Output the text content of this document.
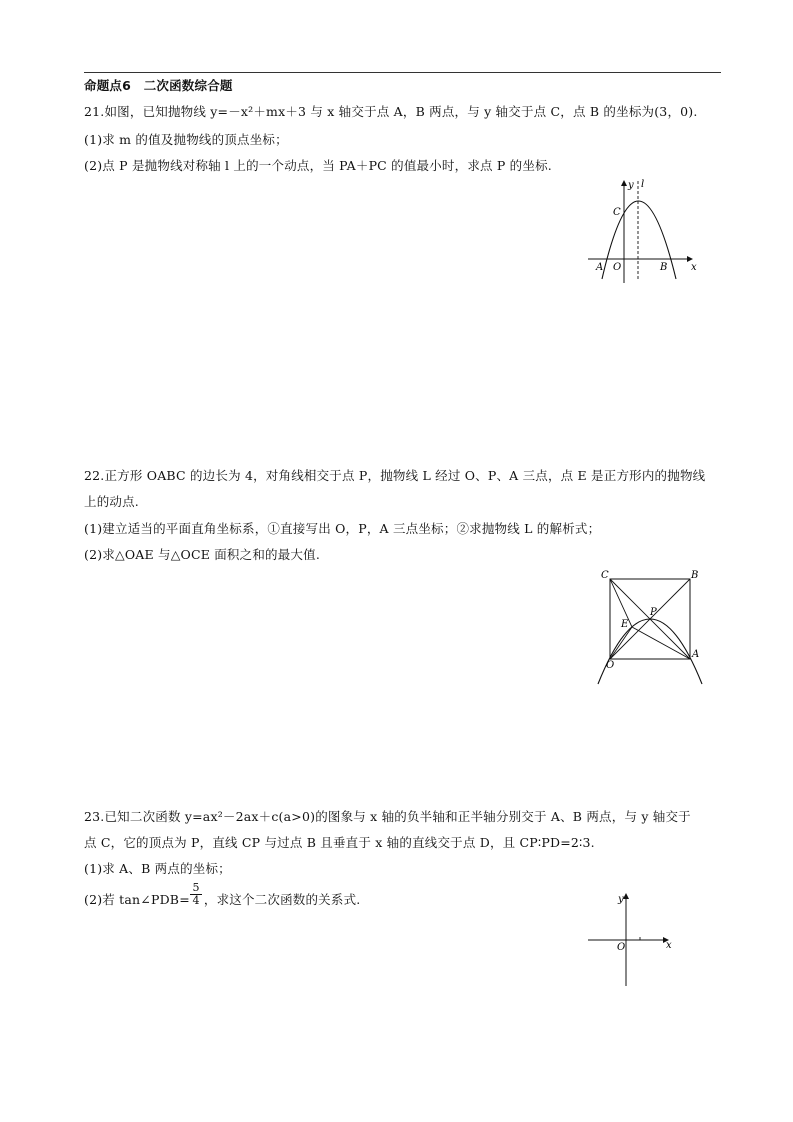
命题点6　二次函数综合题
21.如图，已知抛物线 y=－x²＋mx＋3 与 x 轴交于点 A，B 两点，与 y 轴交于点 C，点 B 的坐标为(3，0).
(1)求 m 的值及抛物线的顶点坐标；
(2)点 P 是抛物线对称轴 l 上的一个动点，当 PA＋PC 的值最小时，求点 P 的坐标.
y l
C
A O	B x
22.正方形 OABC 的边长为 4，对角线相交于点 P，抛物线 L 经过 O、P、A 三点，点 E 是正方形内的抛物线
上的动点.
(1)建立适当的平面直角坐标系，①直接写出 O，P，A 三点坐标；②求抛物线 L 的解析式；
(2)求△OAE 与△OCE 面积之和的最大值.
C	B
P
E
O
A
23.已知二次函数 y=ax²－2ax＋c(a>0)的图象与 x 轴的负半轴和正半轴分别交于 A、B 两点，与 y 轴交于
点 C，它的顶点为 P，直线 CP 与过点 B 且垂直于 x 轴的直线交于点 D，且 CP∶PD=2∶3.
(1)求 A、B 两点的坐标；
(2)若 tan∠PDB= ，求这个二次函数的关系式.
$\frac{5}{4}$	y
O	x
